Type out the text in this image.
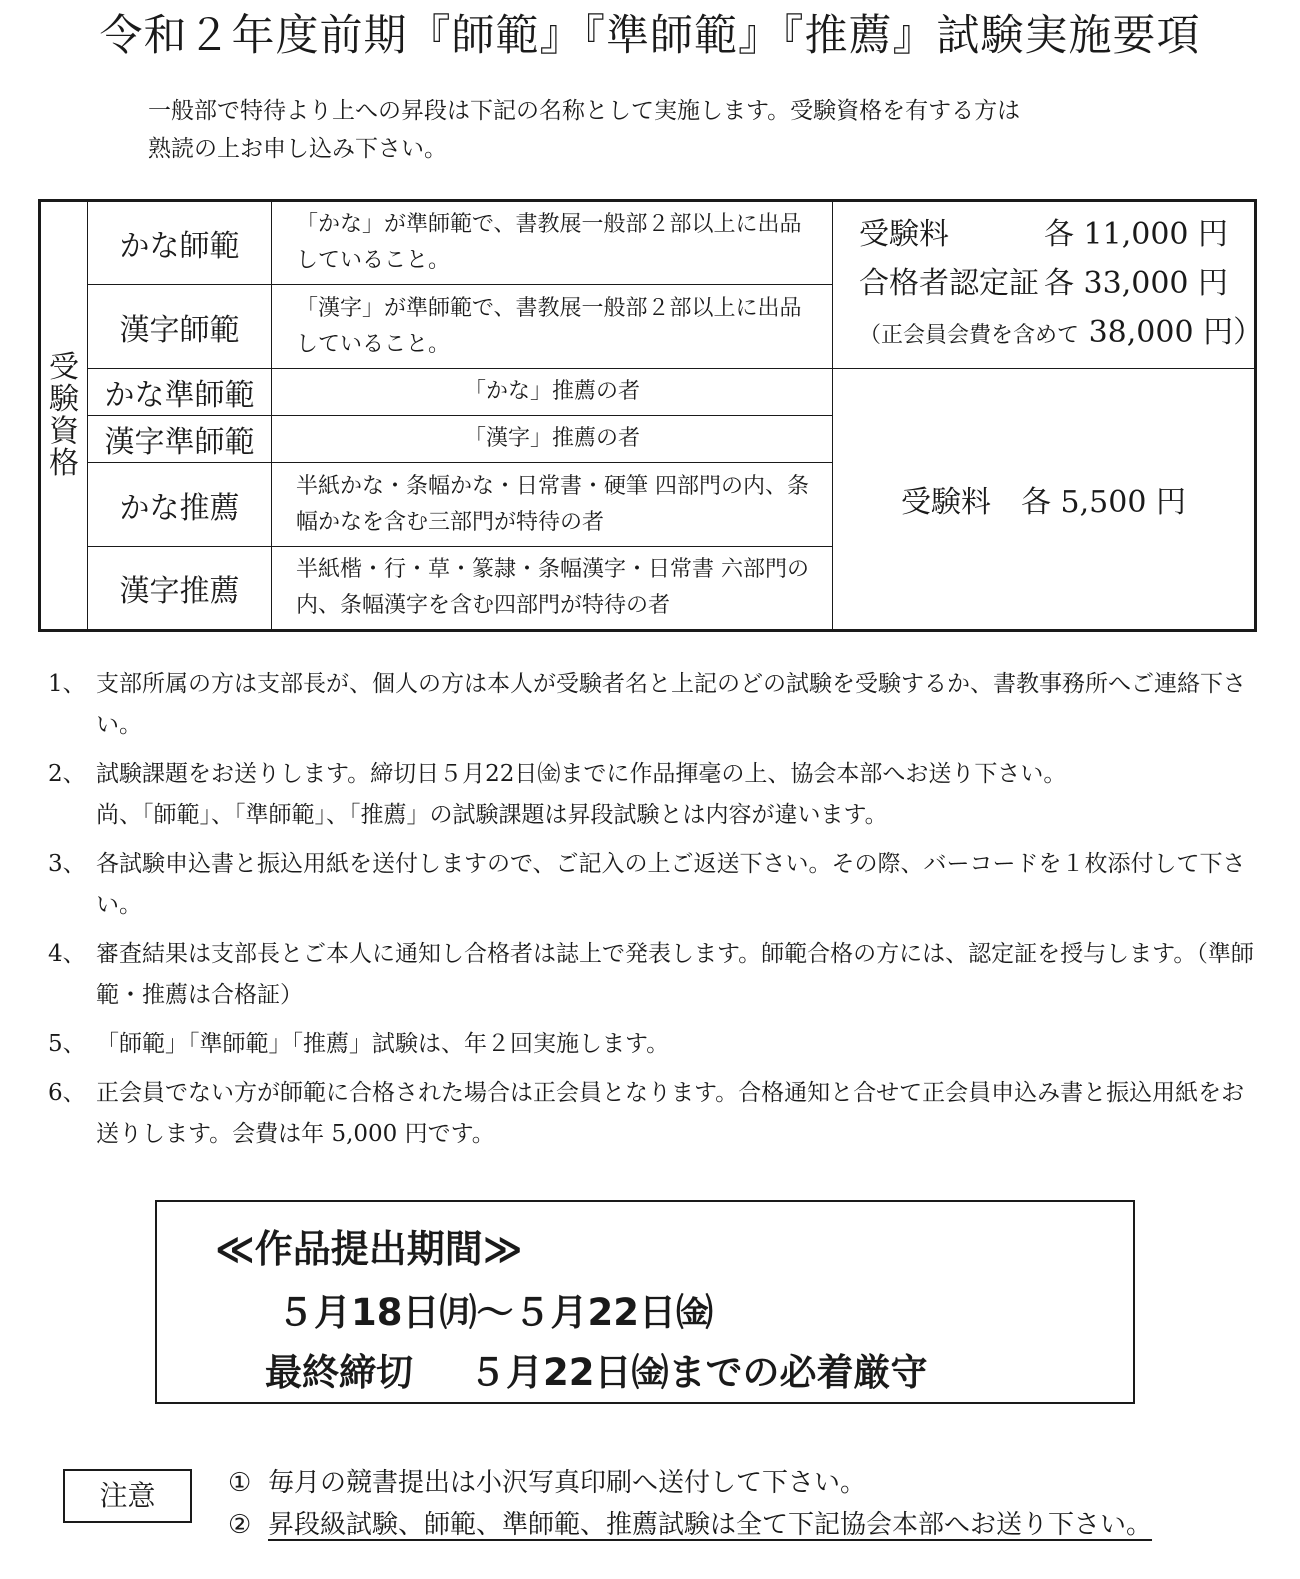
令和２年度前期『師範』『準師範』『推薦』試験実施要項
一般部で特待より上への昇段は下記の名称として実施します。受験資格を有する方は
熟読の上お申し込み下さい。
受験資格	かな師範	「かな」が準師範で、書教展一般部２部以上に出品していること。	受験料 各 11,000 円
合格者認定証 各 33,000 円
（正会員会費を含めて 38,000 円）

	漢字師範	「漢字」が準師範で、書教展一般部２部以上に出品していること。	
	かな準師範	「かな」推薦の者	受験料 各 5,500 円
	漢字準師範	「漢字」推薦の者	
	かな推薦	半紙かな・条幅かな・日常書・硬筆 四部門の内、条幅かなを含む三部門が特待の者	
	漢字推薦	半紙楷・行・草・篆隷・条幅漢字・日常書 六部門の内、条幅漢字を含む四部門が特待の者	
1、 支部所属の方は支部長が、個人の方は本人が受験者名と上記のどの試験を受験するか、書教事務所へご連絡下さい。
2、 試験課題をお送りします。締切日５月22日㈮までに作品揮毫の上、協会本部へお送り下さい。
尚、「師範」、「準師範」、「推薦」の試験課題は昇段試験とは内容が違います。
3、 各試験申込書と振込用紙を送付しますので、ご記入の上ご返送下さい。その際、バーコードを１枚添付して下さい。
4、 審査結果は支部長とご本人に通知し合格者は誌上で発表します。師範合格の方には、認定証を授与します。（準師範・推薦は合格証）
5、 「師範」「準師範」「推薦」試験は、年２回実施します。
6、 正会員でない方が師範に合格された場合は正会員となります。合格通知と合せて正会員申込み書と振込用紙をお送りします。会費は年 5,000 円です。
≪作品提出期間≫
５月18日㈪〜５月22日㈮
最終締切 ５月22日㈮までの必着厳守
注意	① 毎月の競書提出は小沢写真印刷へ送付して下さい。
② 昇段級試験、師範、準師範、推薦試験は全て下記協会本部へお送り下さい。
